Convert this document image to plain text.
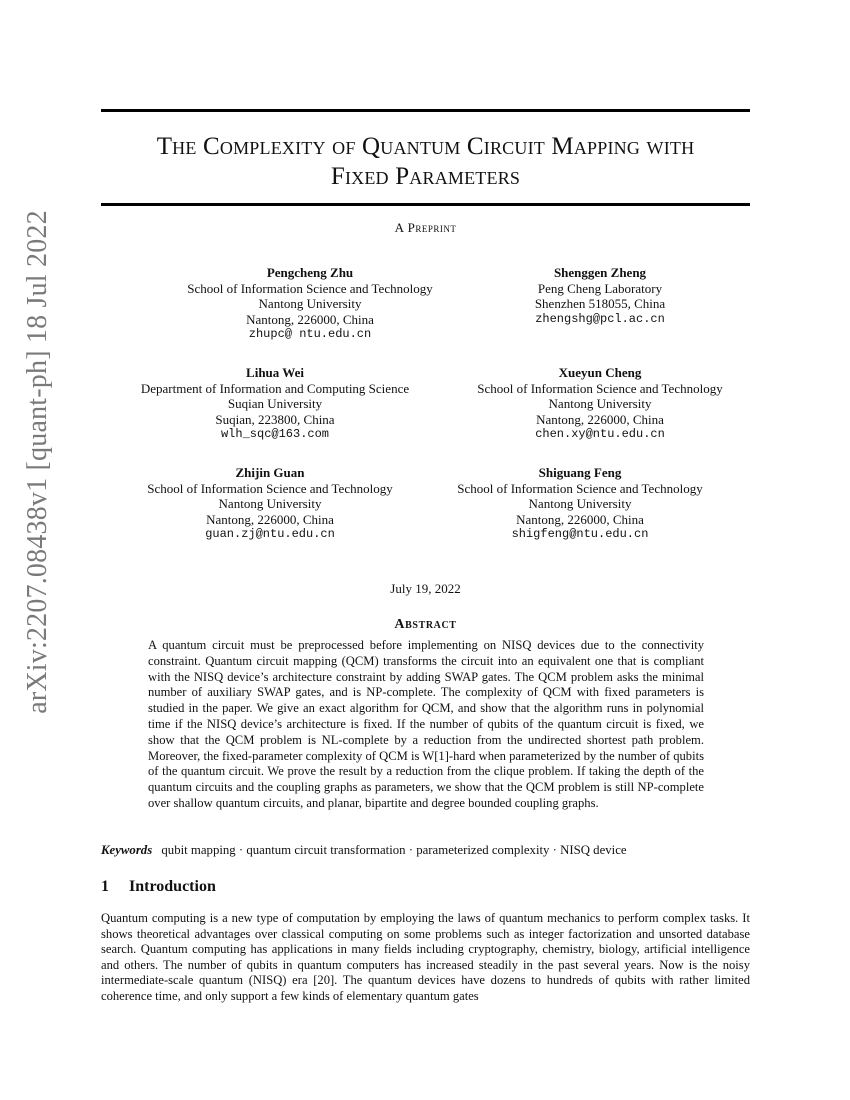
arXiv:2207.08438v1 [quant-ph] 18 Jul 2022
The Complexity of Quantum Circuit Mapping with
Fixed Parameters
A Preprint
Pengcheng Zhu
School of Information Science and Technology
Nantong University
Nantong, 226000, China
zhupc@ ntu.edu.cn
Shenggen Zheng
Peng Cheng Laboratory
Shenzhen 518055, China
zhengshg@pcl.ac.cn
Lihua Wei
Department of Information and Computing Science
Suqian University
Suqian, 223800, China
wlh_sqc@163.com
Xueyun Cheng
School of Information Science and Technology
Nantong University
Nantong, 226000, China
chen.xy@ntu.edu.cn
Zhijin Guan
School of Information Science and Technology
Nantong University
Nantong, 226000, China
guan.zj@ntu.edu.cn
Shiguang Feng
School of Information Science and Technology
Nantong University
Nantong, 226000, China
shigfeng@ntu.edu.cn
July 19, 2022
Abstract
A quantum circuit must be preprocessed before implementing on NISQ devices due to the connectivity constraint. Quantum circuit mapping (QCM) transforms the circuit into an equivalent one that is compliant with the NISQ device’s architecture constraint by adding SWAP gates. The QCM problem asks the minimal number of auxiliary SWAP gates, and is NP-complete. The complexity of QCM with fixed parameters is studied in the paper. We give an exact algorithm for QCM, and show that the algorithm runs in polynomial time if the NISQ device’s architecture is fixed. If the number of qubits of the quantum circuit is fixed, we show that the QCM problem is NL-complete by a reduction from the undirected shortest path problem. Moreover, the fixed-parameter complexity of QCM is W[1]-hard when parameterized by the number of qubits of the quantum circuit. We prove the result by a reduction from the clique problem. If taking the depth of the quantum circuits and the coupling graphs as parameters, we show that the QCM problem is still NP-complete over shallow quantum circuits, and planar, bipartite and degree bounded coupling graphs.
Keywords qubit mapping · quantum circuit transformation · parameterized complexity · NISQ device
1 Introduction
Quantum computing is a new type of computation by employing the laws of quantum mechanics to perform complex tasks. It shows theoretical advantages over classical computing on some problems such as integer factorization and unsorted database search. Quantum computing has applications in many fields including cryptography, chemistry, biology, artificial intelligence and others. The number of qubits in quantum computers has increased steadily in the past several years. Now is the noisy intermediate-scale quantum (NISQ) era [20]. The quantum devices have dozens to hundreds of qubits with rather limited coherence time, and only support a few kinds of elementary quantum gates
